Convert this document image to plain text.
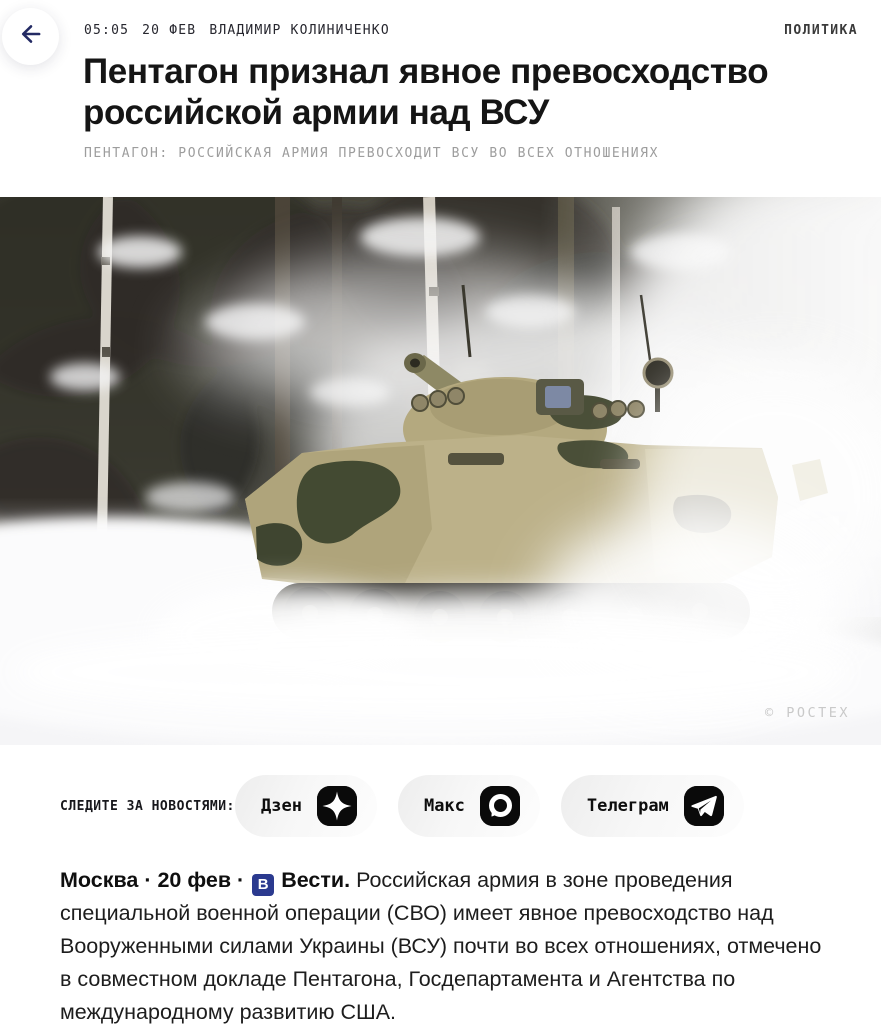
05:05 20 ФЕВ ВЛАДИМИР КОЛИНИЧЕНКО	ПОЛИТИКА
Пентагон признал явное превосходство российской армии над ВСУ
ПЕНТАГОН: РОССИЙСКАЯ АРМИЯ ПРЕВОСХОДИТ ВСУ ВО ВСЕХ ОТНОШЕНИЯХ
© РОСТЕХ
СЛЕДИТЕ ЗА НОВОСТЯМИ: Дзен	Макс	Телеграм

Москва · 20 фев · В Вести. Российская армия в зоне проведения специальной военной операции (СВО) имеет явное превосходство над Вооруженными силами Украины (ВСУ) почти во всех отношениях, отмечено в совместном докладе Пентагона, Госдепартамента и Агентства по международному развитию США.
